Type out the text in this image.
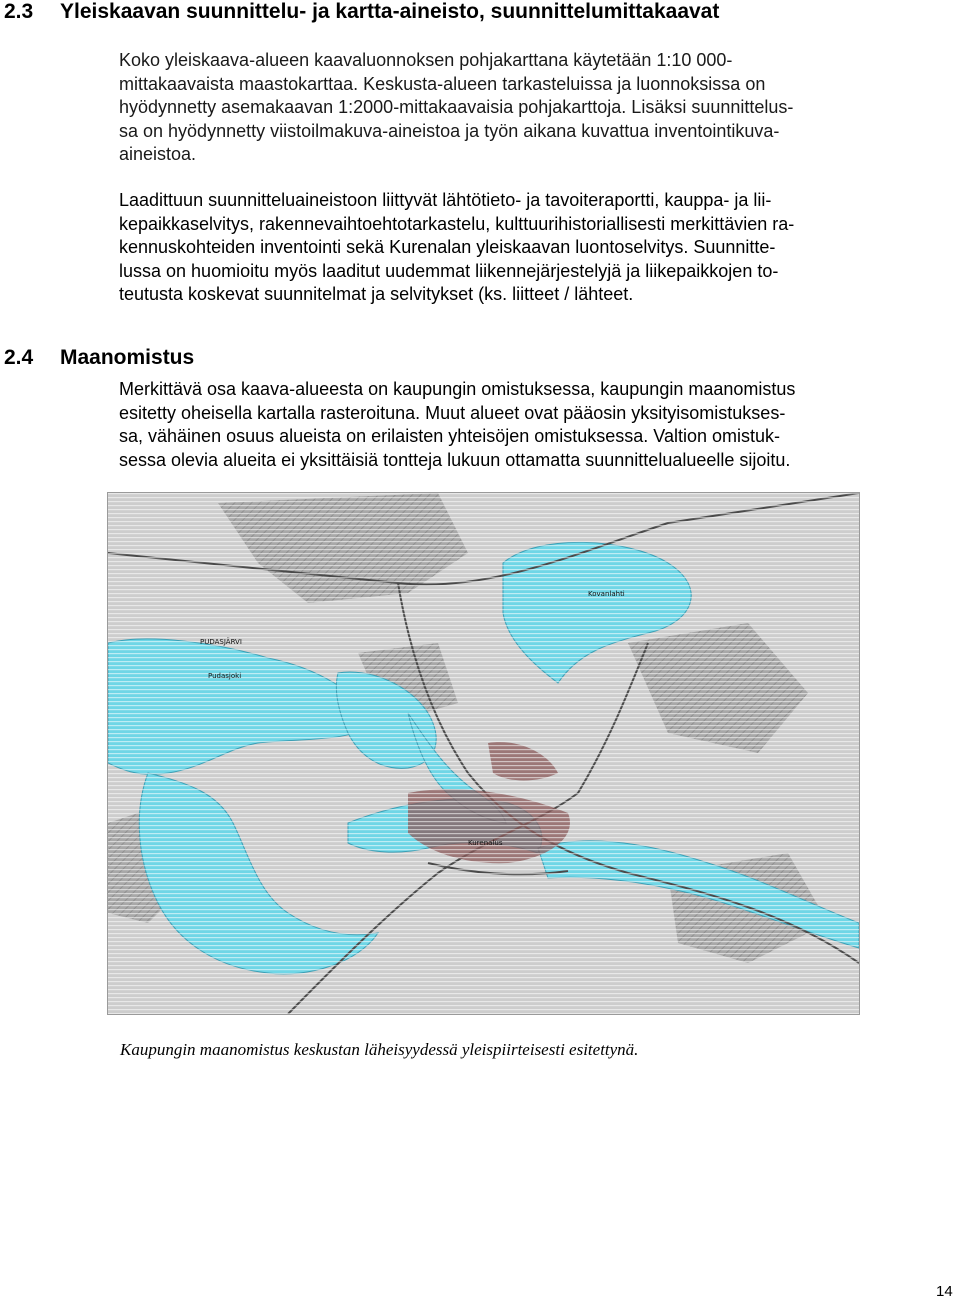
2.3 Yleiskaavan suunnittelu- ja kartta-aineisto, suunnittelumittakaavat

Koko yleiskaava-alueen kaavaluonnoksen pohjakarttana käytetään 1:10 000-
mittakaavaista maastokarttaa. Keskusta-alueen tarkasteluissa ja luonnoksissa on
hyödynnetty asemakaavan 1:2000-mittakaavaisia pohjakarttoja. Lisäksi suunnittelus-
sa on hyödynnetty viistoilmakuva-aineistoa ja työn aikana kuvattua inventointikuva-
aineistoa.

Laadittuun suunnitteluaineistoon liittyvät lähtötieto- ja tavoiteraportti, kauppa- ja lii-
kepaikkaselvitys, rakennevaihtoehtotarkastelu, kulttuurihistoriallisesti merkittävien ra-
kennuskohteiden inventointi sekä Kurenalan yleiskaavan luontoselvitys. Suunnitte-
lussa on huomioitu myös laaditut uudemmat liikennejärjestelyjä ja liikepaikkojen to-
teutusta koskevat suunnitelmat ja selvitykset (ks. liitteet / lähteet.

2.4 Maanomistus

Merkittävä osa kaava-alueesta on kaupungin omistuksessa, kaupungin maanomistus
esitetty oheisella kartalla rasteroituna. Muut alueet ovat pääosin yksityisomistukses-
sa, vähäinen osuus alueista on erilaisten yhteisöjen omistuksessa. Valtion omistuk-
sessa olevia alueita ei yksittäisiä tontteja lukuun ottamatta suunnittelualueelle sijoitu.

PUDASJÄRVI
Kovanlahti
Kurenalus
Pudasjoki

Kaupungin maanomistus keskustan läheisyydessä yleispiirteisesti esitettynä.

14
